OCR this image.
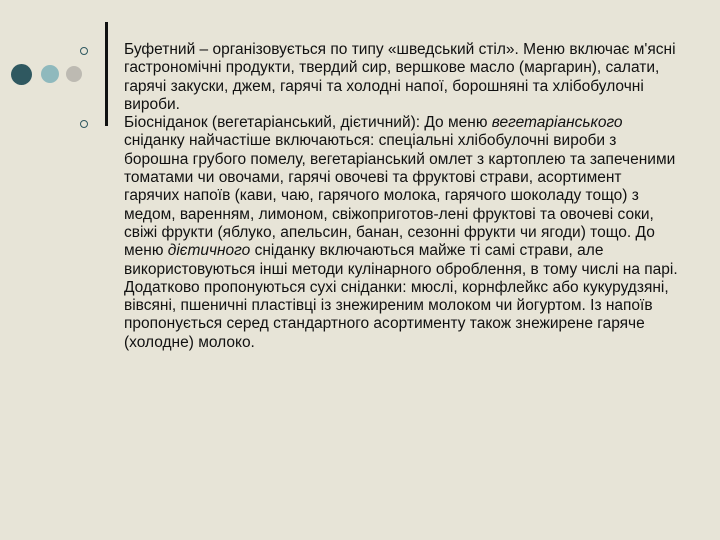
Буфетний – організовується по типу «шведський стіл». Меню включає м'ясні гастрономічні продукти, твердий сир, вершкове масло (маргарин), салати, гарячі закуски, джем, гарячі та холодні напої, борошняні та хлібобулочні вироби.

Біосніданок (вегетаріанський, дієтичний): До меню вегетаріанського сніданку найчастіше включаються: спеціальні хлібобулочні вироби з борошна грубого помелу, вегетаріанський омлет з картоплею та запеченими томатами чи овочами, гарячі овочеві та фруктові страви, асортимент гарячих напоїв (кави, чаю, гарячого молока, гарячого шоколаду тощо) з медом, варенням, лимоном, свіжоприготов-лені фруктові та овочеві соки, свіжі фрукти (яблуко, апельсин, банан, сезонні фрукти чи ягоди) тощо. До меню дієтичного сніданку включаються майже ті самі страви, але використовуються інші методи кулінарного оброблення, в тому числі на парі. Додатково пропонуються сухі сніданки: мюслі, корнфлейкс або кукурудзяні, вівсяні, пшеничні пластівці із знежиреним молоком чи йогуртом. Із напоїв пропонується серед стандартного асортименту також знежирене гаряче (холодне) молоко.
